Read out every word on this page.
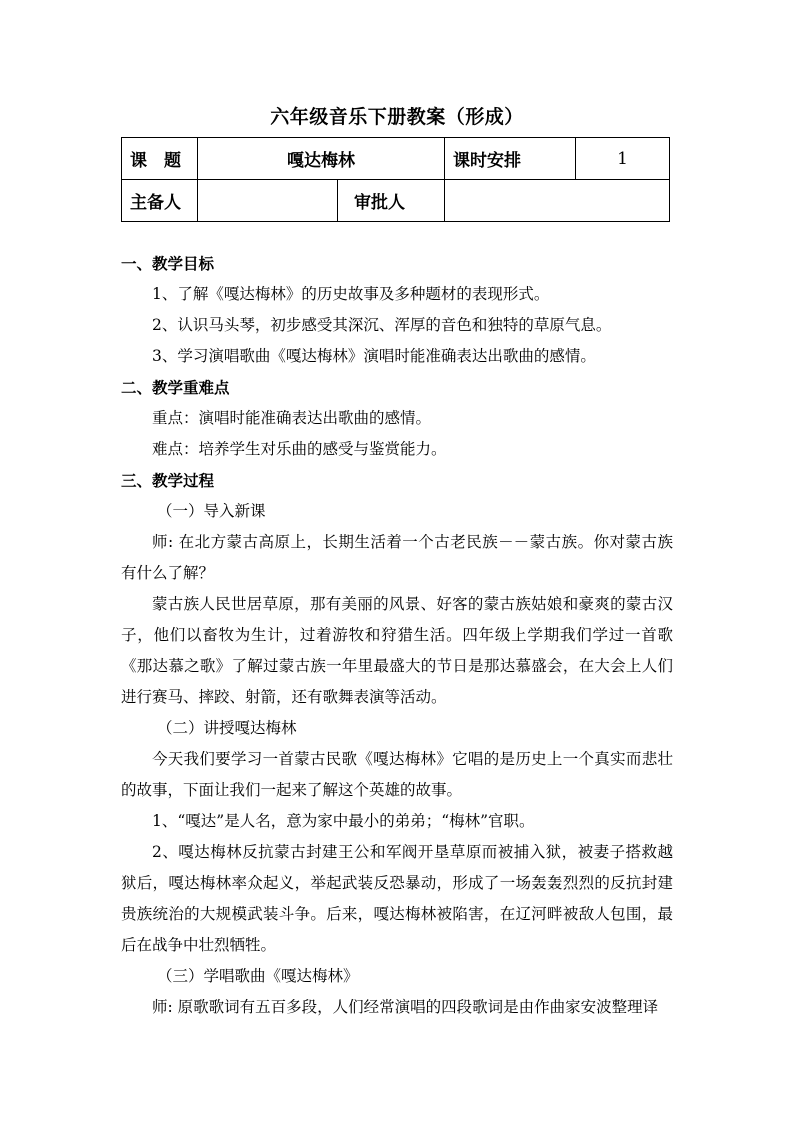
六年级音乐下册教案（形成）
课　题	嘎达梅林		课时安排	1
主备人		审批人		

一、教学目标

1、了解《嘎达梅林》的历史故事及多种题材的表现形式。

2、认识马头琴，初步感受其深沉、浑厚的音色和独特的草原气息。

3、学习演唱歌曲《嘎达梅林》演唱时能准确表达出歌曲的感情。

二、教学重难点

重点：演唱时能准确表达出歌曲的感情。

难点：培养学生对乐曲的感受与鉴赏能力。

三、教学过程

（一）导入新课

师: 在北方蒙古高原上，长期生活着一个古老民族－－蒙古族。你对蒙古族有什么了解？

蒙古族人民世居草原，那有美丽的风景、好客的蒙古族姑娘和豪爽的蒙古汉子，他们以畜牧为生计，过着游牧和狩猎生活。四年级上学期我们学过一首歌《那达慕之歌》了解过蒙古族一年里最盛大的节日是那达慕盛会，在大会上人们进行赛马、摔跤、射箭，还有歌舞表演等活动。

（二）讲授嘎达梅林

今天我们要学习一首蒙古民歌《嘎达梅林》它唱的是历史上一个真实而悲壮的故事，下面让我们一起来了解这个英雄的故事。

1、“嘎达”是人名，意为家中最小的弟弟；“梅林”官职。

2、嘎达梅林反抗蒙古封建王公和军阀开垦草原而被捕入狱，被妻子搭救越狱后，嘎达梅林率众起义，举起武装反恐暴动，形成了一场轰轰烈烈的反抗封建贵族统治的大规模武装斗争。后来，嘎达梅林被陷害，在辽河畔被敌人包围，最后在战争中壮烈牺牲。

（三）学唱歌曲《嘎达梅林》

师: 原歌歌词有五百多段，人们经常演唱的四段歌词是由作曲家安波整理译
